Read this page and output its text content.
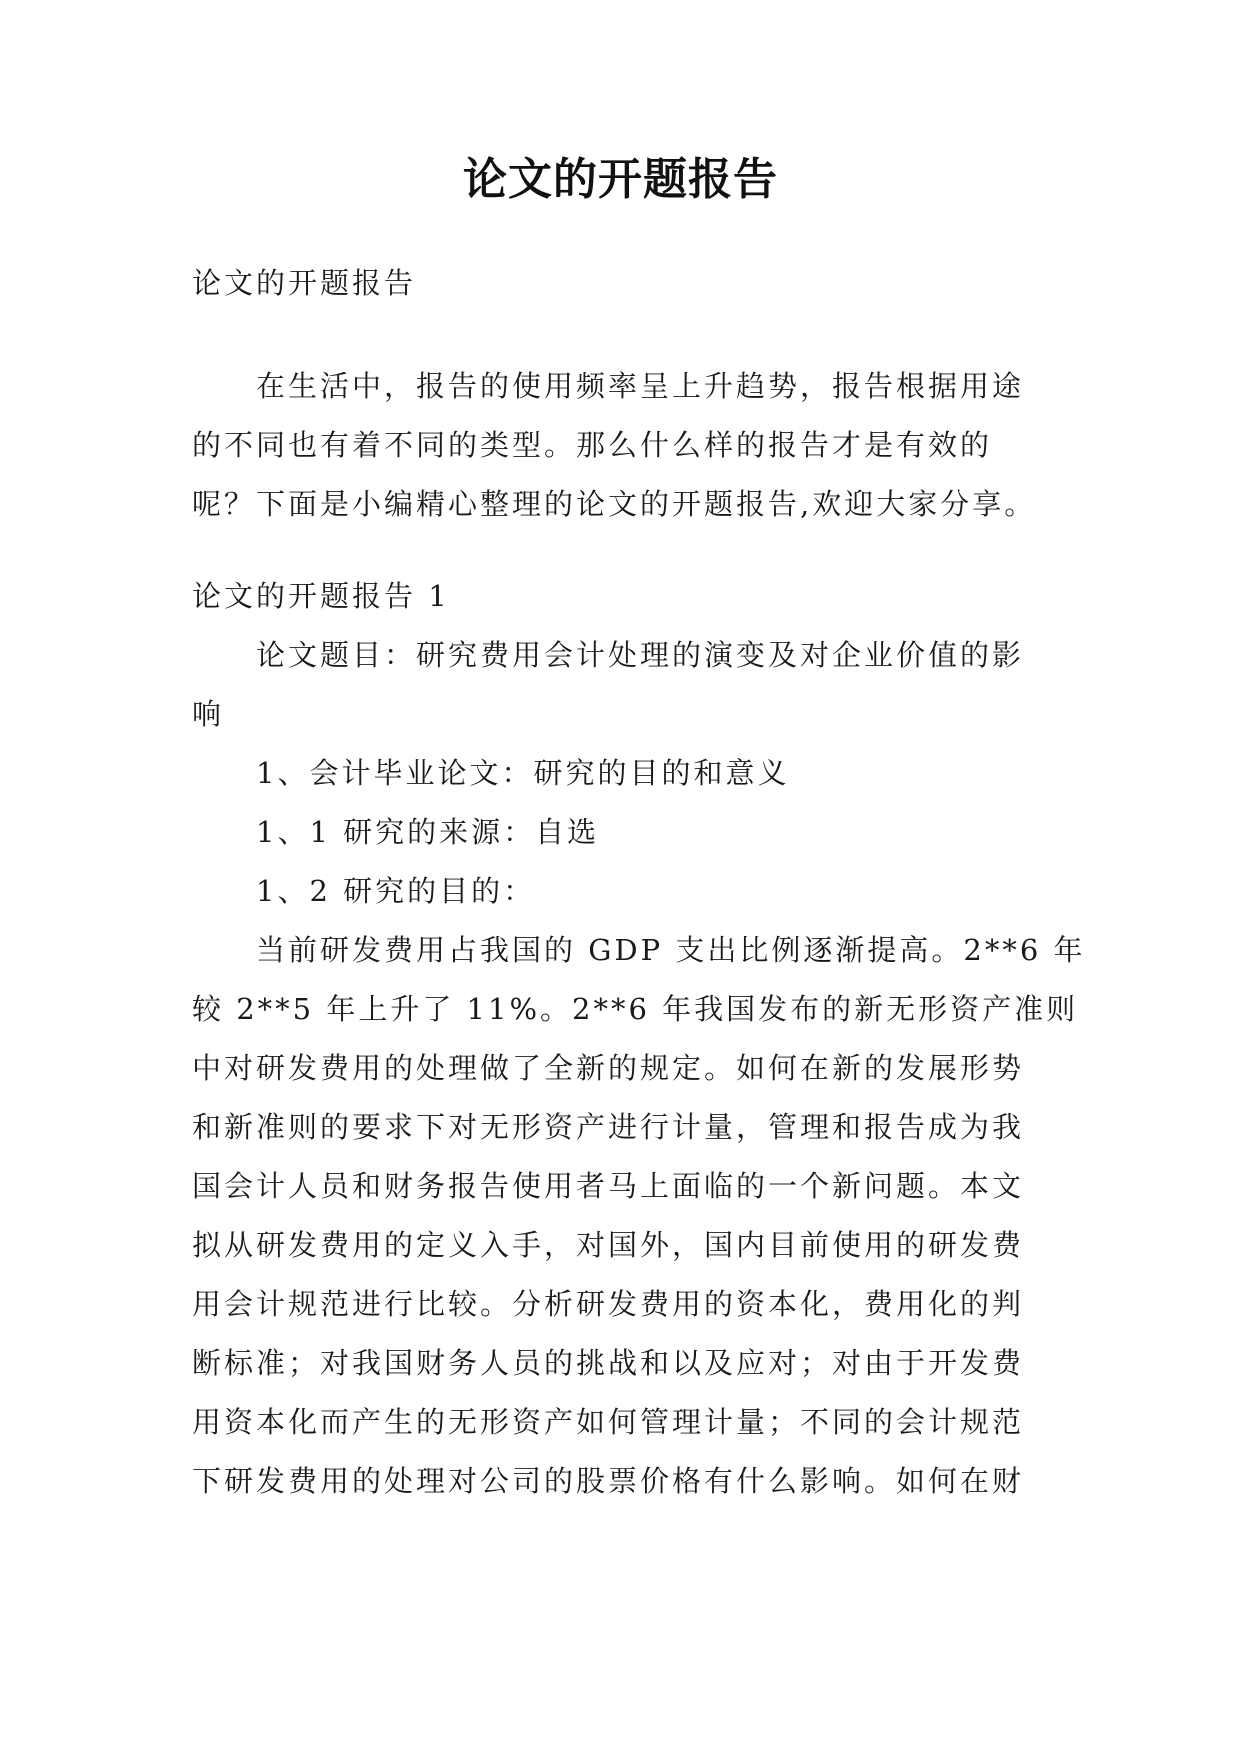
论文的开题报告

论文的开题报告

在生活中，报告的使用频率呈上升趋势，报告根据用途

的不同也有着不同的类型。那么什么样的报告才是有效的

呢？下面是小编精心整理的论文的开题报告,欢迎大家分享。

论文的开题报告 1

论文题目：研究费用会计处理的演变及对企业价值的影

响

1、会计毕业论文：研究的目的和意义

1、1 研究的来源：自选

1、2 研究的目的：

当前研发费用占我国的 GDP 支出比例逐渐提高。2**6 年

较 2**5 年上升了 11%。2**6 年我国发布的新无形资产准则

中对研发费用的处理做了全新的规定。如何在新的发展形势

和新准则的要求下对无形资产进行计量，管理和报告成为我

国会计人员和财务报告使用者马上面临的一个新问题。本文

拟从研发费用的定义入手，对国外，国内目前使用的研发费

用会计规范进行比较。分析研发费用的资本化，费用化的判

断标准；对我国财务人员的挑战和以及应对；对由于开发费

用资本化而产生的无形资产如何管理计量；不同的会计规范

下研发费用的处理对公司的股票价格有什么影响。如何在财
